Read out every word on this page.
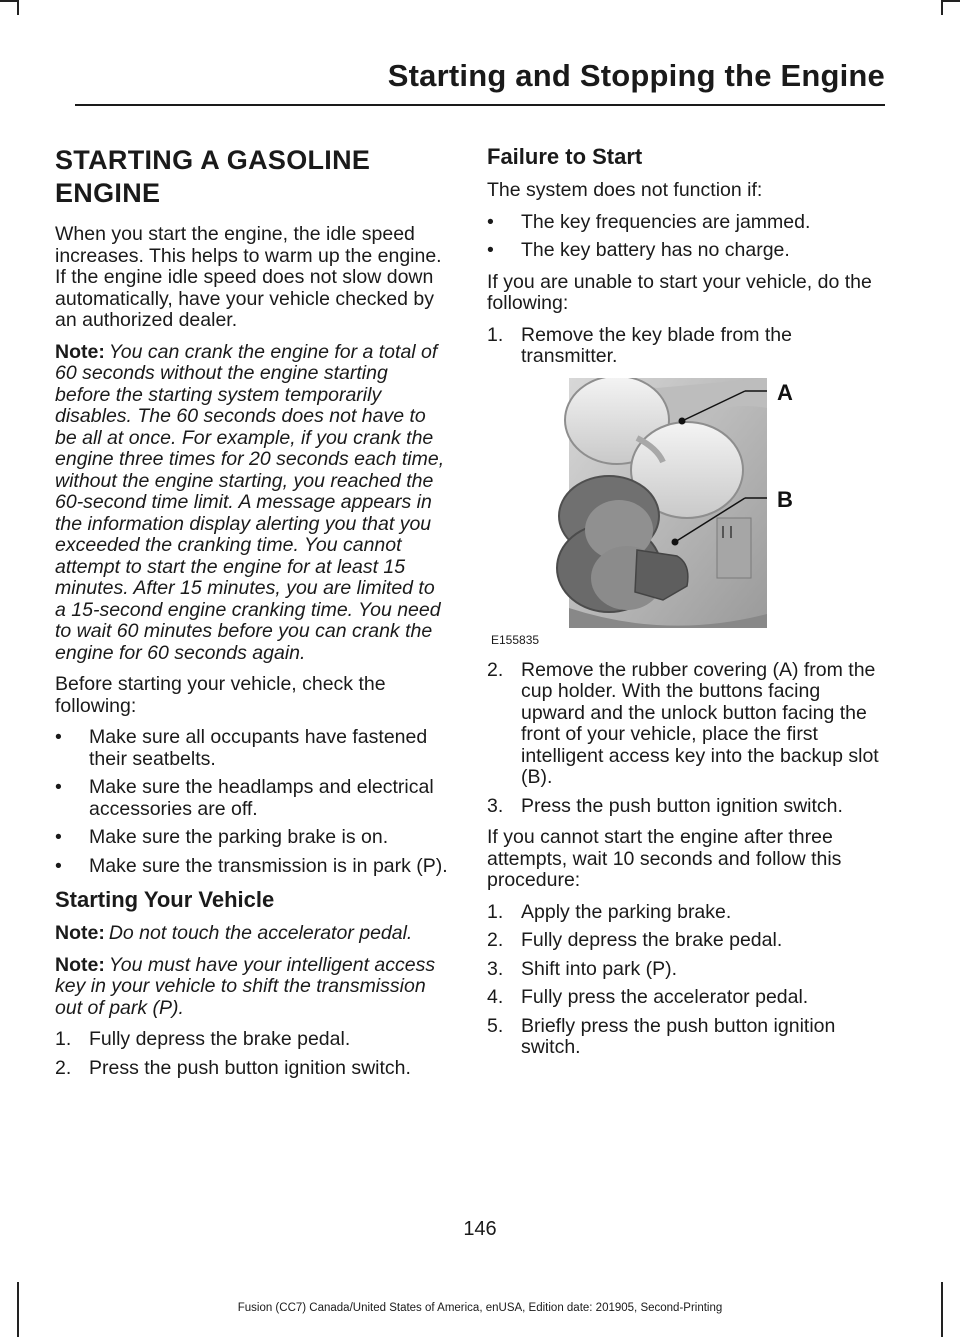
Starting and Stopping the Engine
STARTING A GASOLINE ENGINE

When you start the engine, the idle speed increases. This helps to warm up the engine. If the engine idle speed does not slow down automatically, have your vehicle checked by an authorized dealer.

Note: You can crank the engine for a total of 60 seconds without the engine starting before the starting system temporarily disables. The 60 seconds does not have to be all at once. For example, if you crank the engine three times for 20 seconds each time, without the engine starting, you reached the 60-second time limit. A message appears in the information display alerting you that you exceeded the cranking time. You cannot attempt to start the engine for at least 15 minutes. After 15 minutes, you are limited to a 15-second engine cranking time. You need to wait 60 minutes before you can crank the engine for 60 seconds again.

Before starting your vehicle, check the following:

• Make sure all occupants have fastened their seatbelts.
• Make sure the headlamps and electrical accessories are off.
• Make sure the parking brake is on.
• Make sure the transmission is in park (P).
Starting Your Vehicle

Note: Do not touch the accelerator pedal.

Note: You must have your intelligent access key in your vehicle to shift the transmission out of park (P).

1. Fully depress the brake pedal.
2. Press the push button ignition switch.
Failure to Start

The system does not function if:

• The key frequencies are jammed.
• The key battery has no charge.

If you are unable to start your vehicle, do the following:

1. Remove the key blade from the transmitter.
A
B
E155835
2. Remove the rubber covering (A) from the cup holder. With the buttons facing upward and the unlock button facing the front of your vehicle, place the first intelligent access key into the backup slot (B).
3. Press the push button ignition switch.

If you cannot start the engine after three attempts, wait 10 seconds and follow this procedure:

1. Apply the parking brake.
2. Fully depress the brake pedal.
3. Shift into park (P).
4. Fully press the accelerator pedal.
5. Briefly press the push button ignition switch.
146
Fusion (CC7) Canada/United States of America, enUSA, Edition date: 201905, Second-Printing
